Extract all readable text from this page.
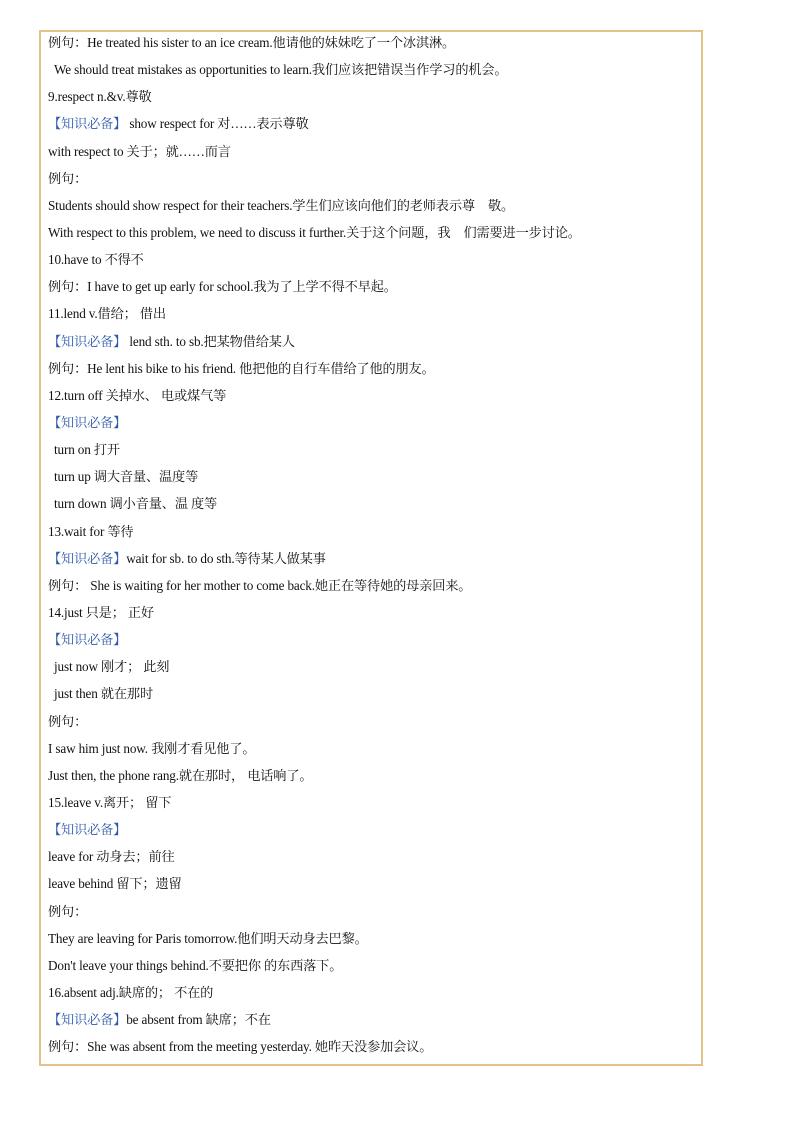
例句：He treated his sister to an ice cream.他请他的妹妹吃了一个冰淇淋。
We should treat mistakes as opportunities to learn.我们应该把错误当作学习的机会。
9.respect n.&v.尊敬
【知识必备】 show respect for 对……表示尊敬
with respect to 关于；就……而言
例句：
Students should show respect for their teachers.学生们应该向他们的老师表示尊　敬。
With respect to this problem, we need to discuss it further.关于这个问题，我　们需要进一步讨论。
10.have to 不得不
例句：I have to get up early for school.我为了上学不得不早起。
11.lend v.借给； 借出
【知识必备】 lend sth. to sb.把某物借给某人
例句：He lent his bike to his friend. 他把他的自行车借给了他的朋友。
12.turn off 关掉水、 电或煤气等
【知识必备】
turn on 打开
turn up 调大音量、温度等
turn down 调小音量、温 度等
13.wait for 等待
【知识必备】wait for sb. to do sth.等待某人做某事
例句： She is waiting for her mother to come back.她正在等待她的母亲回来。
14.just 只是； 正好
【知识必备】
just now 刚才； 此刻
just then 就在那时
例句：
I saw him just now. 我刚才看见他了。
Just then, the phone rang.就在那时， 电话响了。
15.leave v.离开； 留下
【知识必备】
leave for 动身去；前往
leave behind 留下；遗留
例句：
They are leaving for Paris tomorrow.他们明天动身去巴黎。
Don't leave your things behind.不要把你 的东西落下。
16.absent adj.缺席的； 不在的
【知识必备】be absent from 缺席；不在
例句：She was absent from the meeting yesterday. 她昨天没参加会议。
